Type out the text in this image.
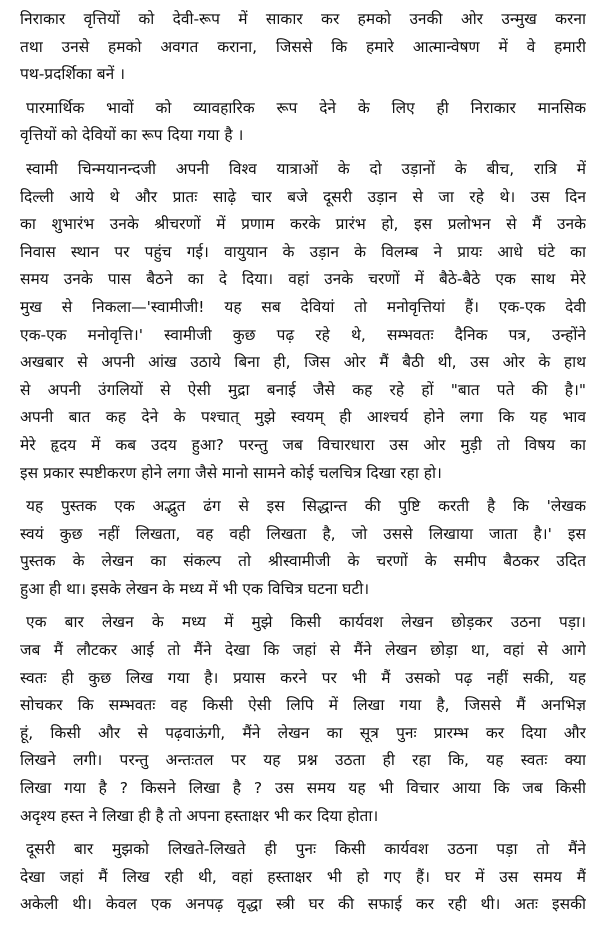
निराकार वृत्तियों को देवी-रूप में साकार कर हमको उनकी ओर उन्मुख करना
तथा उनसे हमको अवगत कराना, जिससे कि हमारे आत्मान्वेषण में वे हमारी
पथ-प्रदर्शिका बनें ।
पारमार्थिक भावों को व्यावहारिक रूप देने के लिए ही निराकार मानसिक
वृत्तियों को देवियों का रूप दिया गया है ।
स्वामी चिन्मयानन्दजी अपनी विश्व यात्राओं के दो उड़ानों के बीच, रात्रि में
दिल्ली आये थे और प्रातः साढ़े चार बजे दूसरी उड़ान से जा रहे थे। उस दिन
का शुभारंभ उनके श्रीचरणों में प्रणाम करके प्रारंभ हो, इस प्रलोभन से मैं उनके
निवास स्थान पर पहुंच गई। वायुयान के उड़ान के विलम्ब ने प्रायः आधे घंटे का
समय उनके पास बैठने का दे दिया। वहां उनके चरणों में बैठे-बैठे एक साथ मेरे
मुख से निकला—'स्वामीजी! यह सब देवियां तो मनोवृत्तियां हैं। एक-एक देवी
एक-एक मनोवृत्ति।' स्वामीजी कुछ पढ़ रहे थे, सम्भवतः दैनिक पत्र, उन्होंने
अखबार से अपनी आंख उठाये बिना ही, जिस ओर मैं बैठी थी, उस ओर के हाथ
से अपनी उंगलियों से ऐसी मुद्रा बनाई जैसे कह रहे हों "बात पते की है।"
अपनी बात कह देने के पश्चात् मुझे स्वयम् ही आश्चर्य होने लगा कि यह भाव
मेरे हृदय में कब उदय हुआ? परन्तु जब विचारधारा उस ओर मुड़ी तो विषय का
इस प्रकार स्पष्टीकरण होने लगा जैसे मानो सामने कोई चलचित्र दिखा रहा हो।
यह पुस्तक एक अद्भुत ढंग से इस सिद्धान्त की पुष्टि करती है कि 'लेखक
स्वयं कुछ नहीं लिखता, वह वही लिखता है, जो उससे लिखाया जाता है।' इस
पुस्तक के लेखन का संकल्प तो श्रीस्वामीजी के चरणों के समीप बैठकर उदित
हुआ ही था। इसके लेखन के मध्य में भी एक विचित्र घटना घटी।
एक बार लेखन के मध्य में मुझे किसी कार्यवश लेखन छोड़कर उठना पड़ा।
जब मैं लौटकर आई तो मैंने देखा कि जहां से मैंने लेखन छोड़ा था, वहां से आगे
स्वतः ही कुछ लिख गया है। प्रयास करने पर भी मैं उसको पढ़ नहीं सकी, यह
सोचकर कि सम्भवतः वह किसी ऐसी लिपि में लिखा गया है, जिससे मैं अनभिज्ञ
हूं, किसी और से पढ़वाऊंगी, मैंने लेखन का सूत्र पुनः प्रारम्भ कर दिया और
लिखने लगी। परन्तु अन्तःतल पर यह प्रश्न उठता ही रहा कि, यह स्वतः क्या
लिखा गया है ? किसने लिखा है ? उस समय यह भी विचार आया कि जब किसी
अदृश्य हस्त ने लिखा ही है तो अपना हस्ताक्षर भी कर दिया होता।
दूसरी बार मुझको लिखते-लिखते ही पुनः किसी कार्यवश उठना पड़ा तो मैंने
देखा जहां मैं लिख रही थी, वहां हस्ताक्षर भी हो गए हैं। घर में उस समय मैं
अकेली थी। केवल एक अनपढ़ वृद्धा स्त्री घर की सफाई कर रही थी। अतः इसकी
